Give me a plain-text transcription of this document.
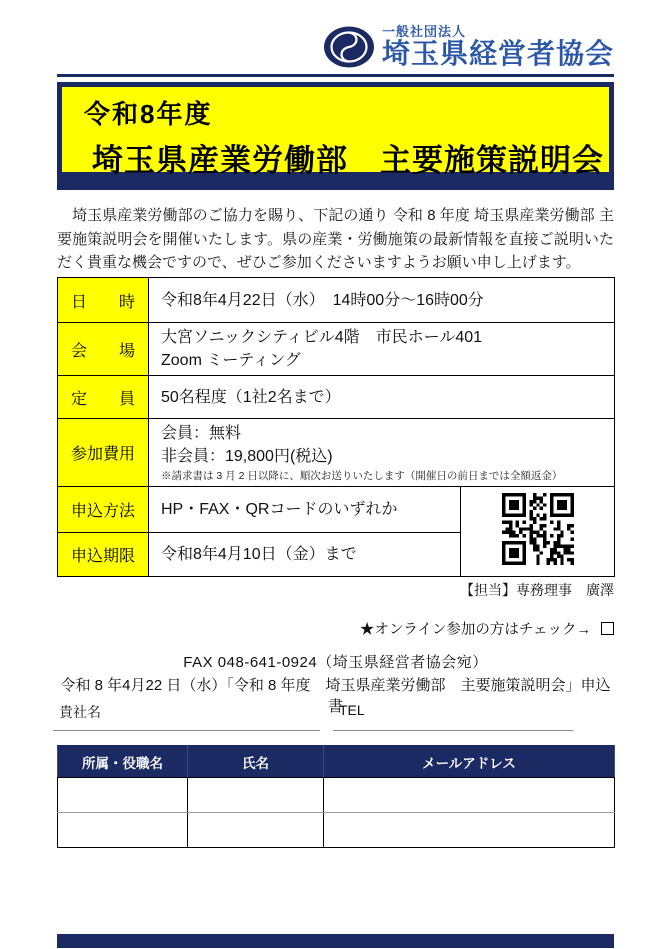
一般社団法人
埼玉県経営者協会
令和8年度
埼玉県産業労働部　主要施策説明会

　埼玉県産業労働部のご協力を賜り、下記の通り 令和 8 年度 埼玉県産業労働部 主要施策説明会を開催いたします。県の産業・労働施策の最新情報を直接ご説明いただく貴重な機会ですので、ぜひご参加くださいますようお願い申し上げます。

日　　時	令和8年4月22日（水）　14時00分～16時00分	

会　　場	大宮ソニックシティビル4階　市民ホール401
Zoom ミーティング	

定　　員	50名程度（1社2名まで）	

参加費用	会員：無料
非会員：19,800円(税込)
※請求書は 3 月 2 日以降に、順次お送りいたします（開催日の前日までは全額返金）	

申込方法	HP・FAX・QRコードのいずれか

申込期限	令和8年4月10日（金）まで	
【担当】専務理事　廣澤
★オンライン参加の方はチェック→
FAX 048-641-0924（埼玉県経営者協会宛）
令和 8 年4月22 日（水）「令和 8 年度　埼玉県産業労働部　主要施策説明会」申込書
貴社名	TEL
所属・役職名	氏名	メールアドレス
